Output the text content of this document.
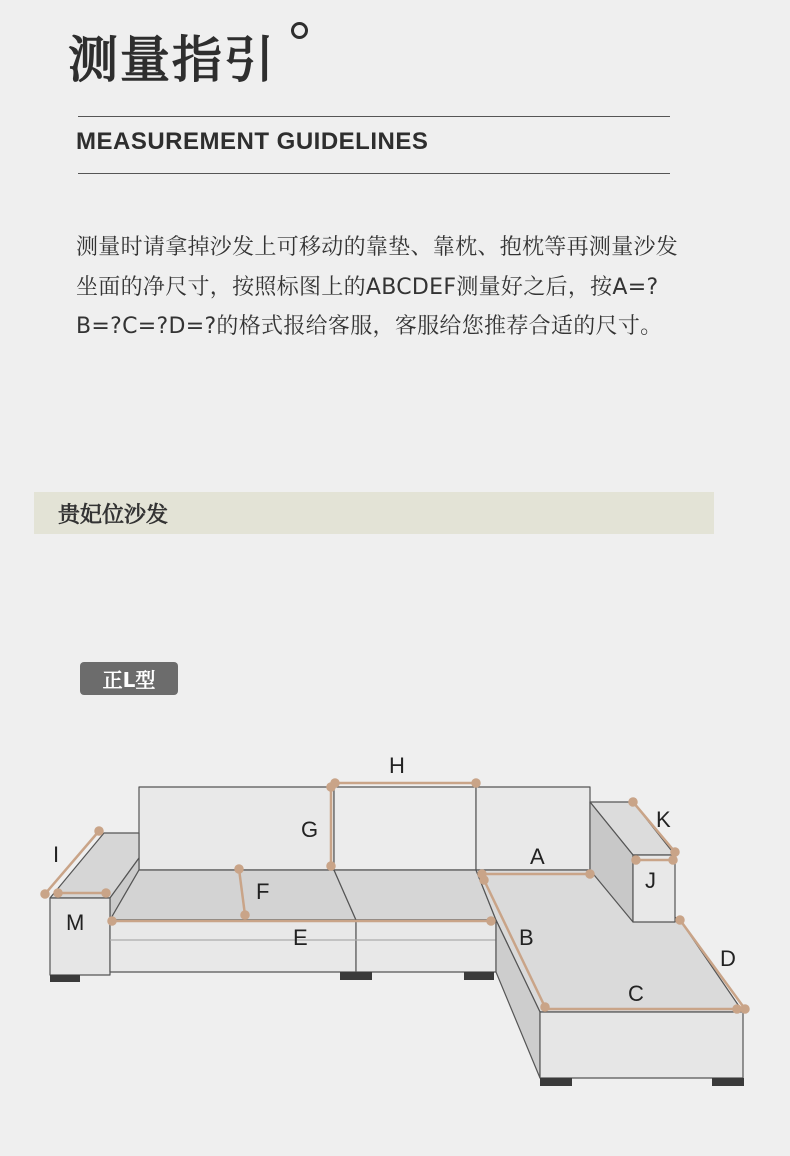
测量指引
MEASUREMENT GUIDELINES

测量时请拿掉沙发上可移动的靠垫、靠枕、抱枕等再测量沙发坐面的净尺寸，按照标图上的ABCDEF测量好之后，按A=?B=?C=?D=?的格式报给客服，客服给您推荐合适的尺寸。

贵妃位沙发
正L型
H
G
A
K
I
F	J
M
E	B
D
C
